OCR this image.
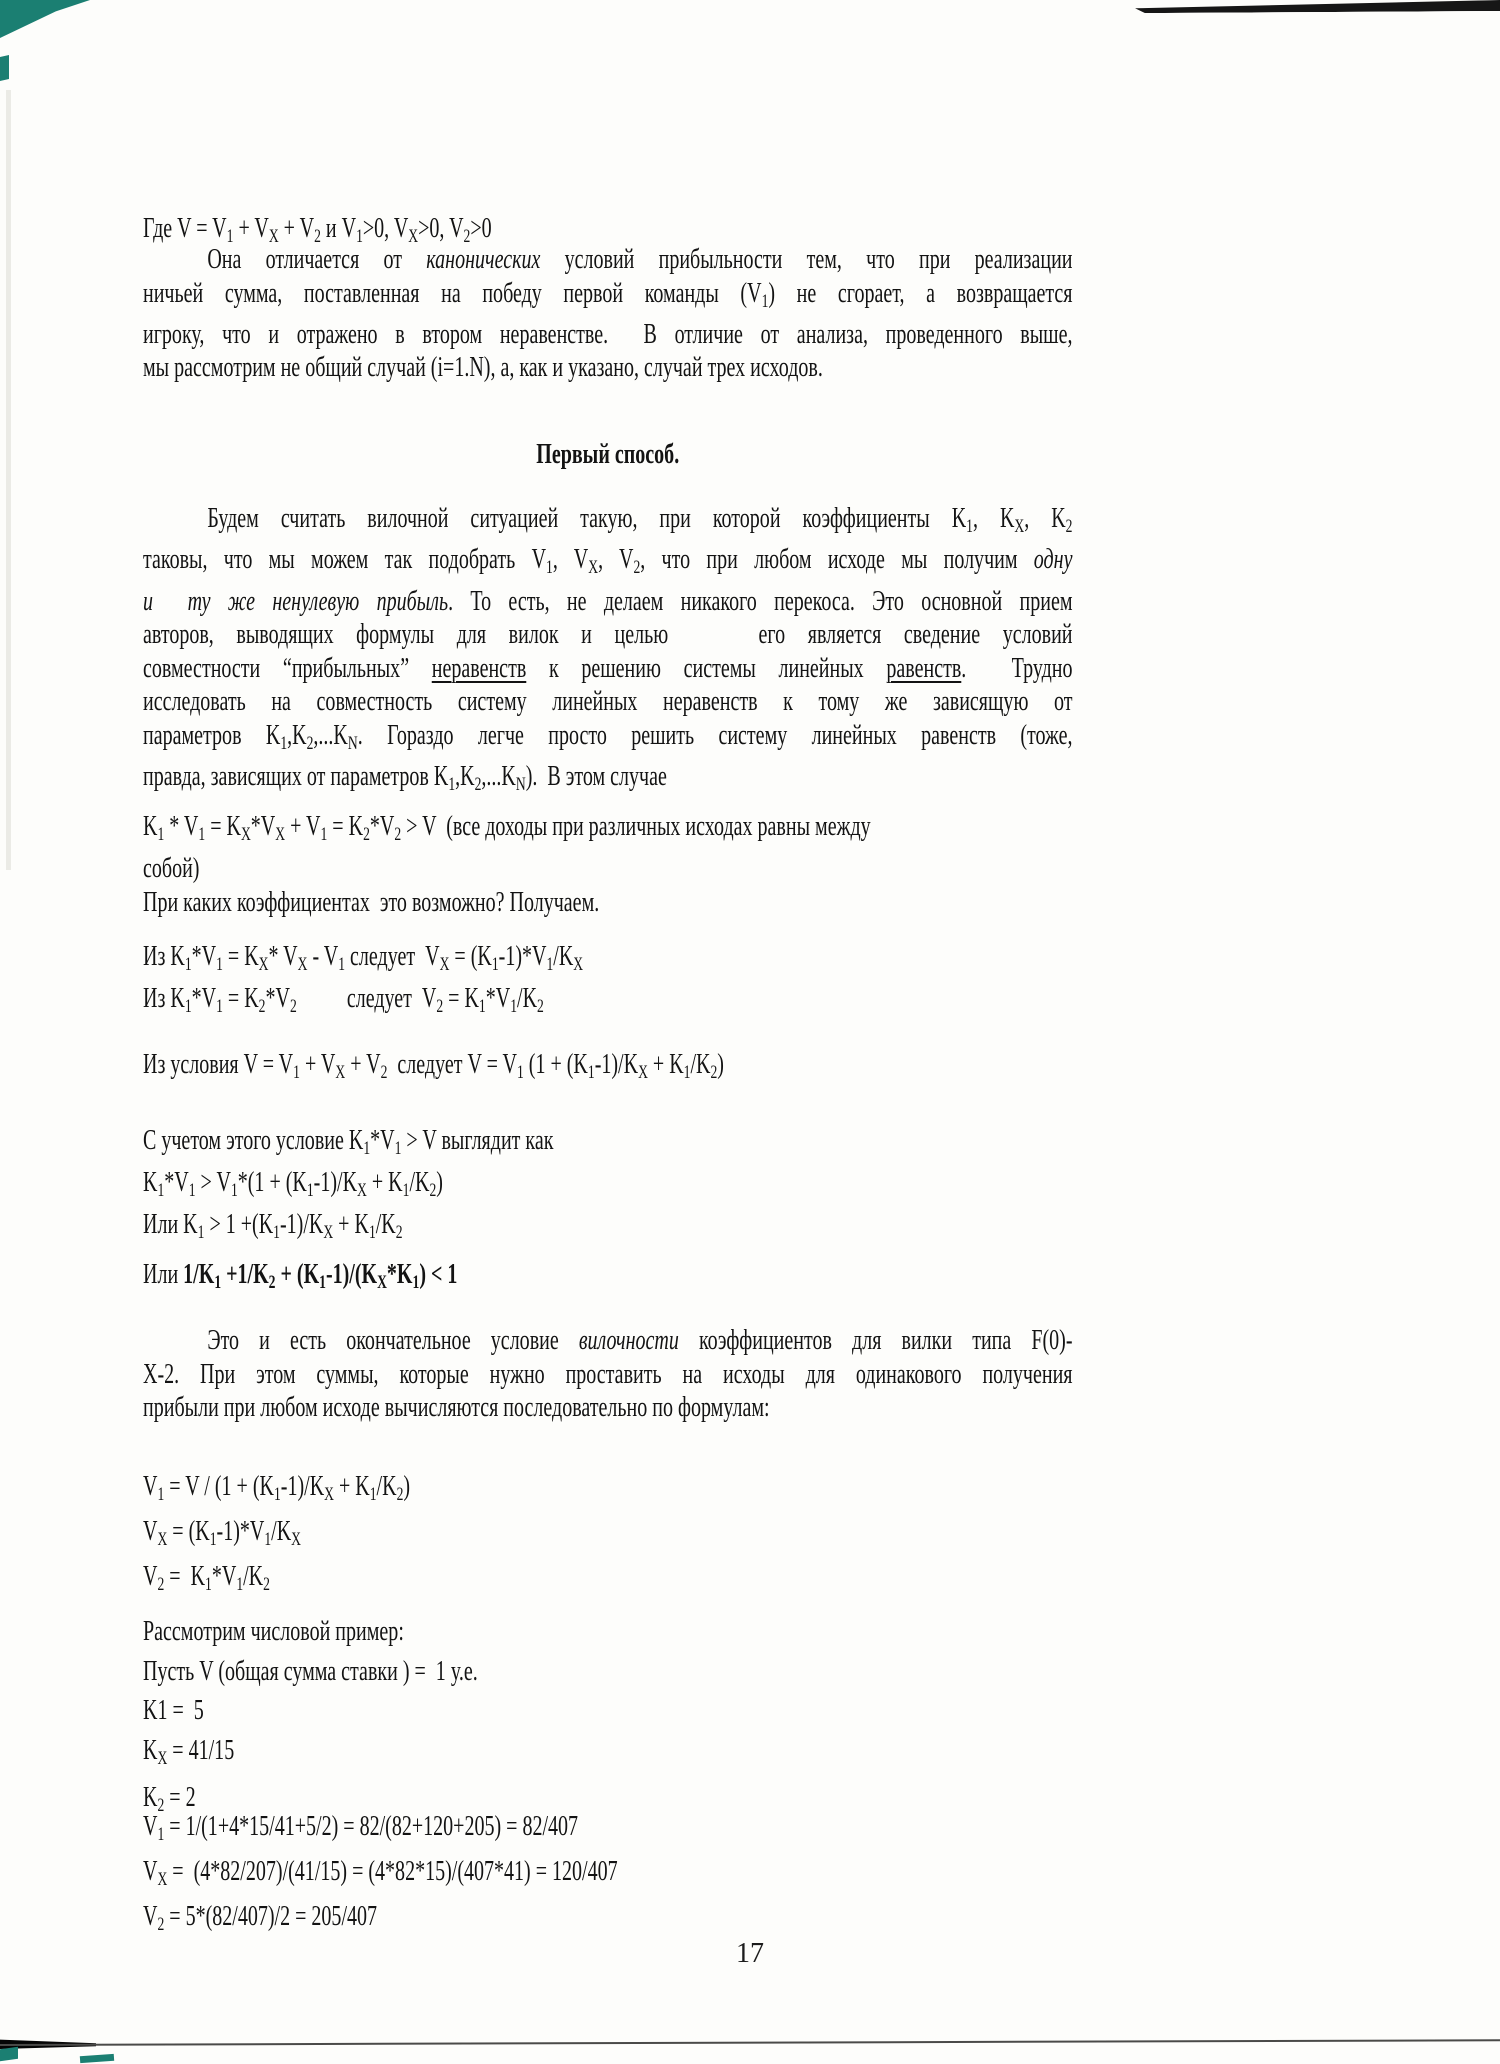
Где $V = V_1 + V_X + V_2$ и $V_1>0$, $V_X>0$, $V_2>0$
Она отличается от канонических условий прибыльности тем, что при реализации
ничьей сумма, поставленная на победу первой команды $(V_1)$ не сгорает, а возвращается
игроку, что и отражено в втором неравенстве.  В отличие от анализа, проведенного выше,
мы рассмотрим не общий случай (i=1.N), а, как и указано, случай трех исходов.
Первый способ.
Будем считать вилочной ситуацией такую, при которой коэффициенты $K_1$, $K_X$, $K_2$
таковы, что мы можем так подобрать $V_1$, $V_X$, $V_2$, что при любом исходе мы получим одну
и  ту же ненулевую прибыль. То есть, не делаем никакого перекоса. Это основной прием
авторов, выводящих формулы для вилок и целью    его является сведение условий
совместности “прибыльных” неравенств к решению системы линейных равенств.  Трудно
исследовать на совместность систему линейных неравенств к тому же зависящую от
параметров $K_1,K_2,...K_N$. Гораздо легче просто решить систему линейных равенств (тоже,
правда, зависящих от параметров $K_1,K_2,...K_N$).  В этом случае
$K_1 * V_1 = K_X*V_X + V_1 = K_2*V_2 > V$  (все доходы при различных исходах равны между
собой)
При каких коэффициентах  это возможно? Получаем.
Из $K_1*V_1 = K_X*$ $V_X - V_1$ следует  $V_X = (K_1-1)*V_1/K_X$
Из $K_1*V_1 = K_2*V_2$          следует  $V_2 = K_1*V_1/K_2$
Из условия $V = V_1 + V_X + V_2$  следует $V = V_1$ $(1 + (K_1-1)/K_X + K_1/K_2)$
С учетом этого условие $K_1*V_1 > V$ выглядит как
$K_1*V_1 > V_1*(1 + (K_1-1)/K_X + K_1/K_2)$
Или $K_1 > 1 +(K_1-1)/K_X + K_1/K_2$
Или $1/K_1 +1/K_2 + (K_1-1)/(K_X*K_1) < 1$
Это и есть окончательное условие вилочности коэффициентов для вилки типа F(0)-
Х-2. При этом суммы, которые нужно проставить на исходы для одинакового получения
прибыли при любом исходе вычисляются последовательно по формулам:
$V_1 = V / (1 + (K_1-1)/K_X + K_1/K_2)$
$V_X = (K_1-1)*V_1/K_X$
$V_2 = K_1*V_1/K_2$
Рассмотрим числовой пример:
Пусть V (общая сумма ставки ) =  1 у.е.
K1 =  5
$K_X = 41/15$
$K_2 = 2$
$V_1 = 1/(1+4*15/41+5/2) = 82/(82+120+205) = 82/407$
$V_X = (4*82/207)/(41/15) = (4*82*15)/(407*41) = 120/407$
$V_2 = 5*(82/407)/2 = 205/407$
17
